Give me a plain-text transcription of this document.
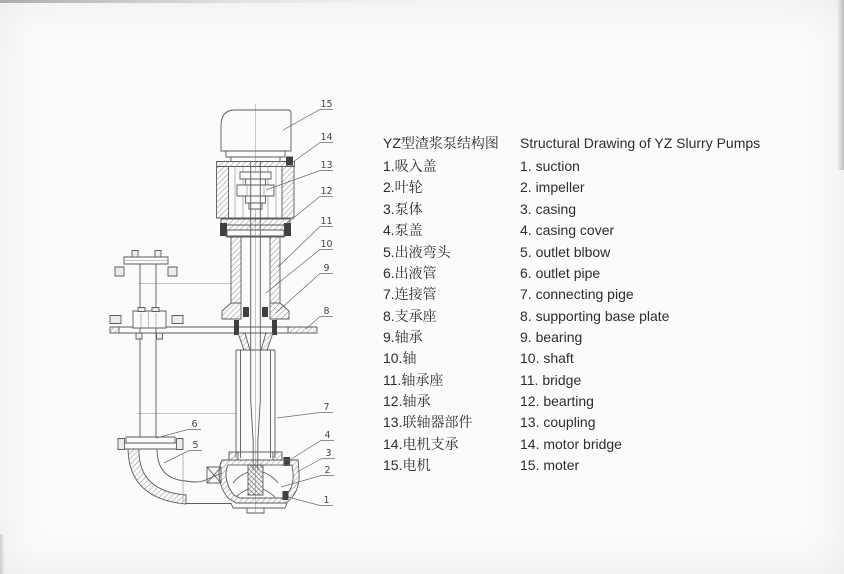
15
14
13
12
11
10
9
8
7
6
5
4
3
2
1
YZ型渣浆泵结构图	Structural Drawing of YZ Slurry Pumps
1.吸入盖	1. suction
2.叶轮	2. impeller
3.泵体	3. casing
4.泵盖	4. casing cover
5.出液弯头	5. outlet blbow
6.出液管	6. outlet pipe
7.连接管	7. connecting pige
8.支承座	8. supporting base plate
9.轴承	9. bearing
10.轴	10. shaft
11.轴承座	11. bridge
12.轴承	12. bearting
13.联轴器部件	13. coupling
14.电机支承	14. motor bridge
15.电机	15. moter
